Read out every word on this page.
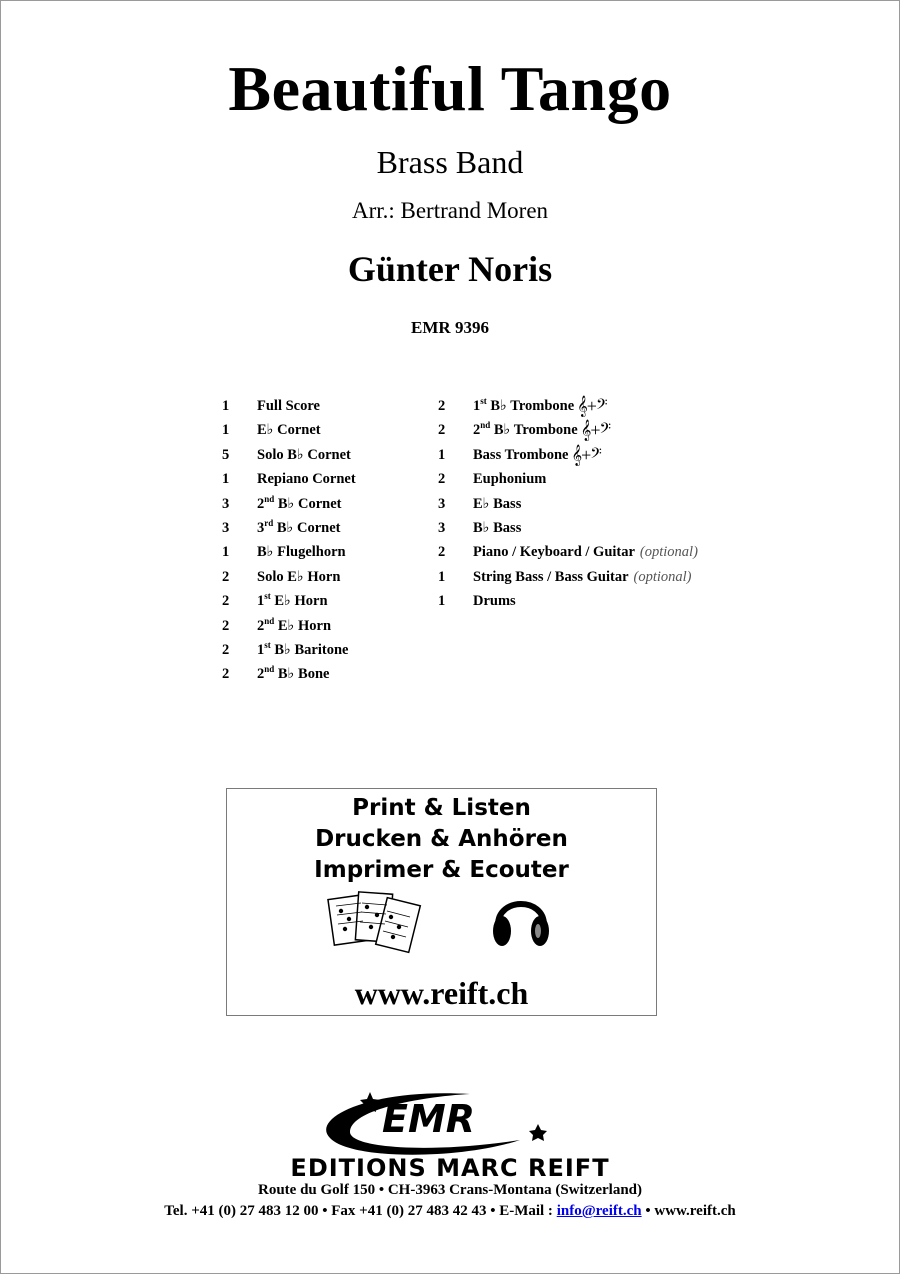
Beautiful Tango
Brass Band
Arr.: Bertrand Moren
Günter Noris
EMR 9396
1	Full Score
1	E♭ Cornet
5	Solo B♭ Cornet
1	Repiano Cornet
3	2nd B♭ Cornet
3	3rd B♭ Cornet
1	B♭ Flugelhorn
2	Solo E♭ Horn
2	1st E♭ Horn
2	2nd E♭ Horn
2	1st B♭ Baritone
2	2nd B♭ Bone
2	1st B♭ Trombone 𝄞+𝄢
2	2nd B♭ Trombone 𝄞+𝄢
1	Bass Trombone 𝄞+𝄢
2	Euphonium
3	E♭ Bass
3	B♭ Bass
2	Piano / Keyboard / Guitar (optional)
1	String Bass / Bass Guitar (optional)
1	Drums
Print & Listen
Drucken & Anhören
Imprimer & Ecouter
www.reift.ch
EMR
EDITIONS MARC REIFT
Route du Golf 150 • CH-3963 Crans-Montana (Switzerland)
Tel. +41 (0) 27 483 12 00 • Fax +41 (0) 27 483 42 43 • E-Mail : info@reift.ch • www.reift.ch
